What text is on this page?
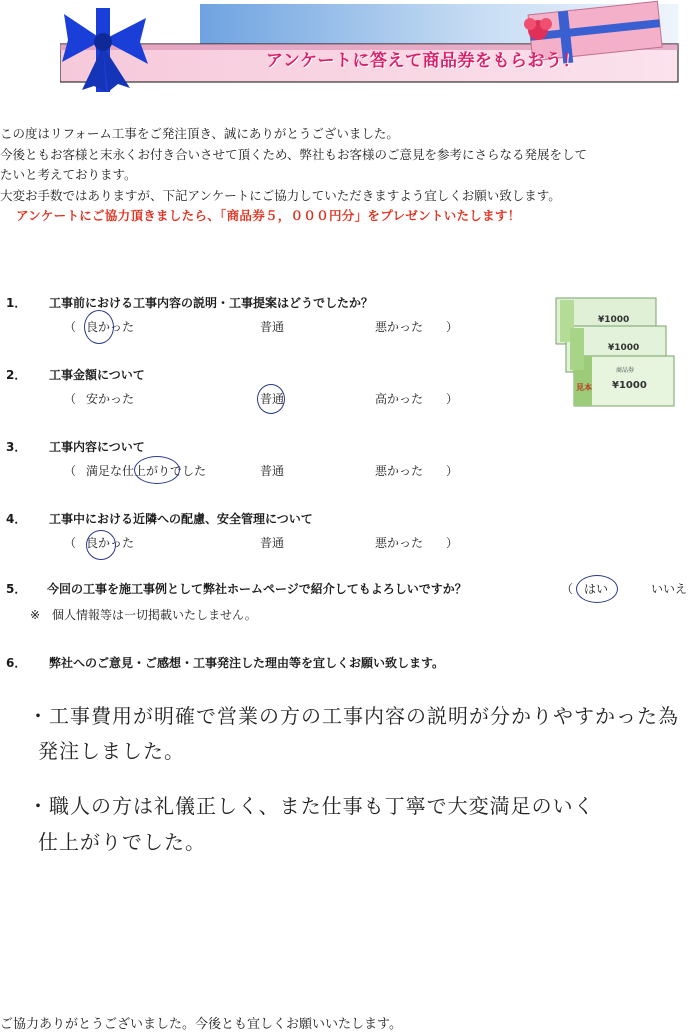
アンケートに答えて商品券をもらおう！

この度はリフォーム工事をご発注頂き、誠にありがとうございました。

今後ともお客様と末永くお付き合いさせて頂くため、弊社もお客様のご意見を参考にさらなる発展をして

たいと考えております。

大変お手数ではありますが、下記アンケートにご協力していただきますよう宜しくお願い致します。

アンケートにご協力頂きましたら、「商品券５，０００円分」をプレゼントいたします！

¥1000
¥1000
商品券
¥1000
見本
1． 工事前における工事内容の説明・工事提案はどうでしたか？
（ 良かった	普通	悪かった ）
2． 工事金額について
（ 安かった	普通	高かった ）
3． 工事内容について
（ 満足な仕上がりでした	普通	悪かった ）
4． 工事中における近隣への配慮、安全管理について
（ 良かった	普通	悪かった ）
5． 今回の工事を施工事例として弊社ホームページで紹介してもよろしいですか？	（ はい	いいえ
※　個人情報等は一切掲載いたしません。
6． 弊社へのご意見・ご感想・工事発注した理由等を宜しくお願い致します。
・工事費用が明確で営業の方の工事内容の説明が分かりやすかった為
発注しました。
・職人の方は礼儀正しく、また仕事も丁寧で大変満足のいく
仕上がりでした。
ご協力ありがとうございました。今後とも宜しくお願いいたします。
